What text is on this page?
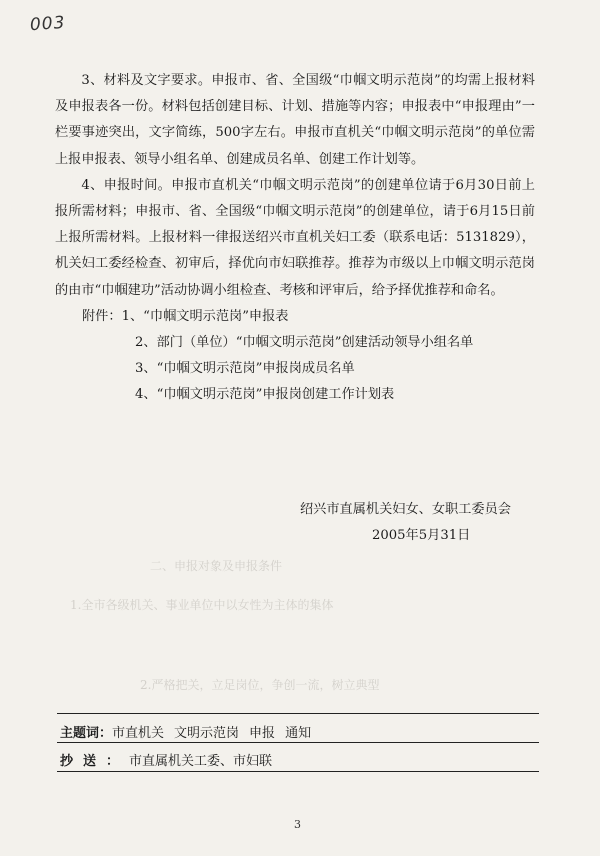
003
二、申报对象及申报条件
1.全市各级机关、事业单位中以女性为主体的集体
2.严格把关，立足岗位，争创一流，树立典型

3、材料及文字要求。申报市、省、全国级“巾帼文明示范岗”的均需上报材料及申报表各一份。材料包括创建目标、计划、措施等内容；申报表中“申报理由”一栏要事迹突出，文字简练，500字左右。申报市直机关“巾帼文明示范岗”的单位需上报申报表、领导小组名单、创建成员名单、创建工作计划等。

4、申报时间。申报市直机关“巾帼文明示范岗”的创建单位请于6月30日前上报所需材料；申报市、省、全国级“巾帼文明示范岗”的创建单位，请于6月15日前上报所需材料。上报材料一律报送绍兴市直机关妇工委（联系电话：5131829），机关妇工委经检查、初审后，择优向市妇联推荐。推荐为市级以上巾帼文明示范岗的由市“巾帼建功”活动协调小组检查、考核和评审后，给予择优推荐和命名。

附件：1、“巾帼文明示范岗”申报表
2、部门（单位）“巾帼文明示范岗”创建活动领导小组名单
3、“巾帼文明示范岗”申报岗成员名单
4、“巾帼文明示范岗”申报岗创建工作计划表
绍兴市直属机关妇女、女职工委员会
2005年5月31日
主题词：市直机关 文明示范岗 申报 通知
抄送：市直属机关工委、市妇联
3
